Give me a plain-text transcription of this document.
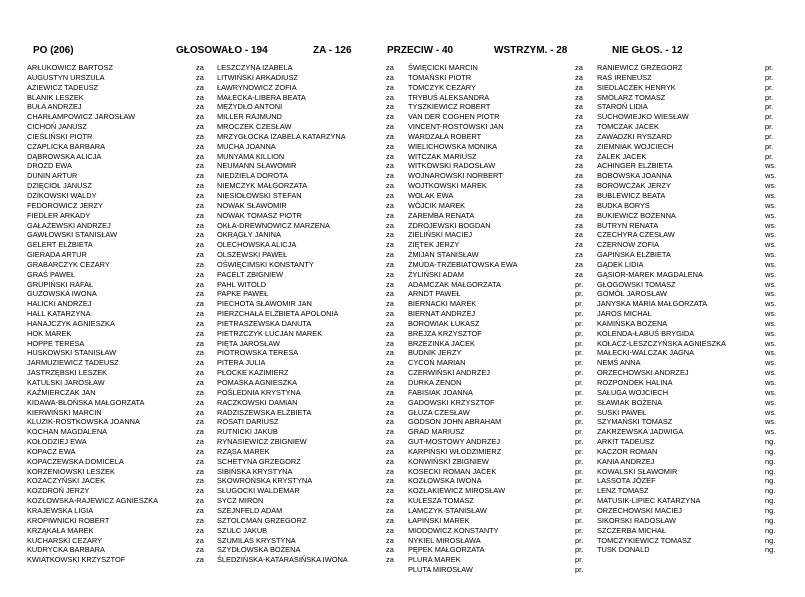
PO (206)	GŁOSOWAŁO - 194	ZA - 126	PRZECIW - 40	WSTRZYM. - 28	NIE GŁOS. - 12
ARŁUKOWICZ BARTOSZ	za	LESZCZYNA IZABELA	za	ŚWIĘCICKI MARCIN	za	RANIEWICZ GRZEGORZ	pr.
AUGUSTYN URSZULA	za	LITWIŃSKI ARKADIUSZ	za	TOMAŃSKI PIOTR	za	RAŚ IRENEUSZ	pr.
AZIEWICZ TADEUSZ	za	ŁAWRYNOWICZ ZOFIA	za	TOMCZYK CEZARY	za	SIEDLACZEK HENRYK	pr.
BLANIK LESZEK	za	MAŁECKA-LIBERA BEATA	za	TRYBUŚ ALEKSANDRA	za	SMOLARZ TOMASZ	pr.
BUŁA ANDRZEJ	za	MĘŻYDŁO ANTONI	za	TYSZKIEWICZ ROBERT	za	STAROŃ LIDIA	pr.
CHARŁAMPOWICZ JAROSŁAW	za	MILLER RAJMUND	za	VAN DER COGHEN PIOTR	za	SUCHOWIEJKO WIESŁAW	pr.
CICHOŃ JANUSZ	za	MROCZEK CZESŁAW	za	VINCENT-ROSTOWSKI JAN	za	TOMCZAK JACEK	pr.
CIEŚLIŃSKI PIOTR	za	MRZYGŁOCKA IZABELA KATARZYNA	za	WARDZAŁA ROBERT	za	ZAWADZKI RYSZARD	pr.
CZAPLICKA BARBARA	za	MUCHA JOANNA	za	WIELICHOWSKA MONIKA	za	ZIEMNIAK WOJCIECH	pr.
DĄBROWSKA ALICJA	za	MUNYAMA KILLION	za	WITCZAK MARIUSZ	za	ŻALEK JACEK	pr.
DROZD EWA	za	NEUMANN SŁAWOMIR	za	WITKOWSKI RADOSŁAW	za	ACHINGER ELŻBIETA	ws.
DUNIN ARTUR	za	NIEDZIELA DOROTA	za	WOJNAROWSKI NORBERT	za	BOBOWSKA JOANNA	ws.
DZIĘCIOŁ JANUSZ	za	NIEMCZYK MAŁGORZATA	za	WOJTKOWSKI MAREK	za	BOROWCZAK JERZY	ws.
DZIKOWSKI WALDY	za	NIESIOŁOWSKI STEFAN	za	WOLAK EWA	za	BUBLEWICZ BEATA	ws.
FEDOROWICZ JERZY	za	NOWAK SŁAWOMIR	za	WÓJCIK MAREK	za	BUDKA BORYS	ws.
FIEDLER ARKADY	za	NOWAK TOMASZ PIOTR	za	ZAREMBA RENATA	za	BUKIEWICZ BOŻENNA	ws.
GAŁAŻEWSKI ANDRZEJ	za	OKŁA-DREWNOWICZ MARZENA	za	ZDROJEWSKI BOGDAN	za	BUTRYN RENATA	ws.
GAWŁOWSKI STANISŁAW	za	OKRĄGŁY JANINA	za	ZIELIŃSKI MACIEJ	za	CZECHYRA CZESŁAW	ws.
GELERT ELŻBIETA	za	OLECHOWSKA ALICJA	za	ZIĘTEK JERZY	za	CZERNOW ZOFIA	ws.
GIERADA ARTUR	za	OLSZEWSKI PAWEŁ	za	ŻMIJAN STANISŁAW	za	GAPIŃSKA ELŻBIETA	ws.
GRABARCZYK CEZARY	za	OŚWIĘCIMSKI KONSTANTY	za	ŻMUDA-TRZEBIATOWSKA EWA	za	GĄDEK LIDIA	ws.
GRAŚ PAWEŁ	za	PACELT ZBIGNIEW	za	ŻYLIŃSKI ADAM	za	GĄSIOR-MAREK MAGDALENA	ws.
GRUPIŃSKI RAFAŁ	za	PAHL WITOLD	za	ADAMCZAK MAŁGORZATA	pr.	GŁOGOWSKI TOMASZ	ws.
GUZOWSKA IWONA	za	PAPKE PAWEŁ	za	ARNDT PAWEŁ	pr.	GOMÓŁ JAROSŁAW	ws.
HALICKI ANDRZEJ	za	PIECHOTA SŁAWOMIR JAN	za	BIERNACKI MAREK	pr.	JANYSKA MARIA MAŁGORZATA	ws.
HALL KATARZYNA	za	PIERZCHAŁA ELŻBIETA APOLONIA	za	BIERNAT ANDRZEJ	pr.	JAROS MICHAŁ	ws.
HANAJCZYK AGNIESZKA	za	PIETRASZEWSKA DANUTA	za	BOROWIAK ŁUKASZ	pr.	KAMIŃSKA BOŻENA	ws.
HOK MAREK	za	PIETRZCZYK LUCJAN MAREK	za	BREJZA KRZYSZTOF	pr.	KOLENDA-ŁABUŚ BRYGIDA	ws.
HOPPE TERESA	za	PIĘTA JAROSŁAW	za	BRZEZINKA JACEK	pr.	KOŁACZ-LESZCZYŃSKA AGNIESZKA	ws.
HUSKOWSKI STANISŁAW	za	PIOTROWSKA TERESA	za	BUDNIK JERZY	pr.	MAŁECKI-WALCZAK JAGNA	ws.
JARMUZIEWICZ TADEUSZ	za	PITERA JULIA	za	CYCOŃ MARIAN	pr.	NEMŚ ANNA	ws.
JASTRZĘBSKI LESZEK	za	PŁOCKE KAZIMIERZ	za	CZERWIŃSKI ANDRZEJ	pr.	ORZECHOWSKI ANDRZEJ	ws.
KATULSKI JAROSŁAW	za	POMASKA AGNIESZKA	za	DURKA ZENON	pr.	ROZPONDEK HALINA	ws.
KAŹMIERCZAK JAN	za	POŚLEDNIA KRYSTYNA	za	FABISIAK JOANNA	pr.	SAŁUGA WOJCIECH	ws.
KIDAWA-BŁOŃSKA MAŁGORZATA	za	RACZKOWSKI DAMIAN	za	GADOWSKI KRZYSZTOF	pr.	SŁAWIAK BOŻENA	ws.
KIERWIŃSKI MARCIN	za	RADZISZEWSKA ELŻBIETA	za	GŁUZA CZESŁAW	pr.	SUSKI PAWEŁ	ws.
KLUZIK-ROSTKOWSKA JOANNA	za	ROSATI DARIUSZ	za	GODSON JOHN ABRAHAM	pr.	SZYMAŃSKI TOMASZ	ws.
KOCHAN MAGDALENA	za	RUTNICKI JAKUB	za	GRAD MARIUSZ	pr.	ZAKRZEWSKA JADWIGA	ws.
KOŁODZIEJ EWA	za	RYNASIEWICZ ZBIGNIEW	za	GUT-MOSTOWY ANDRZEJ	pr.	ARKIT TADEUSZ	ng.
KOPACZ EWA	za	RZĄSA MAREK	za	KARPIŃSKI WŁODZIMIERZ	pr.	KACZOR ROMAN	ng.
KOPACZEWSKA DOMICELA	za	SCHETYNA GRZEGORZ	za	KONWIŃSKI ZBIGNIEW	pr.	KANIA ANDRZEJ	ng.
KORZENIOWSKI LESZEK	za	SIBIŃSKA KRYSTYNA	za	KOSECKI ROMAN JACEK	pr.	KOWALSKI SŁAWOMIR	ng.
KOZACZYŃSKI JACEK	za	SKOWROŃSKA KRYSTYNA	za	KOZŁOWSKA IWONA	pr.	LASSOTA JÓZEF	ng.
KOZDROŃ JERZY	za	SŁUGOCKI WALDEMAR	za	KOZŁAKIEWICZ MIROSŁAW	pr.	LENZ TOMASZ	ng.
KOZŁOWSKA-RAJEWICZ AGNIESZKA	za	SYCZ MIRON	za	KULESZA TOMASZ	pr.	MATUSIK-LIPIEC KATARZYNA	ng.
KRAJEWSKA LIGIA	za	SZEJNFELD ADAM	za	LAMCZYK STANISŁAW	pr.	ORZECHOWSKI MACIEJ	ng.
KROPIWNICKI ROBERT	za	SZTOLCMAN GRZEGORZ	za	ŁAPIŃSKI MAREK	pr.	SIKORSKI RADOSŁAW	ng.
KRZĄKAŁA MAREK	za	SZULC JAKUB	za	MIODOWICZ KONSTANTY	pr.	SZCZERBA MICHAŁ	ng.
KUCHARSKI CEZARY	za	SZUMILAS KRYSTYNA	za	NYKIEL MIROSŁAWA	pr.	TOMCZYKIEWICZ TOMASZ	ng.
KUDRYCKA BARBARA	za	SZYDŁOWSKA BOŻENA	za	PĘPEK MAŁGORZATA	pr.	TUSK DONALD	ng.
KWIATKOWSKI KRZYSZTOF	za	ŚLEDZIŃSKA-KATARASIŃSKA IWONA	za	PLURA MAREK	pr.
PLUTA MIROSŁAW	pr.
